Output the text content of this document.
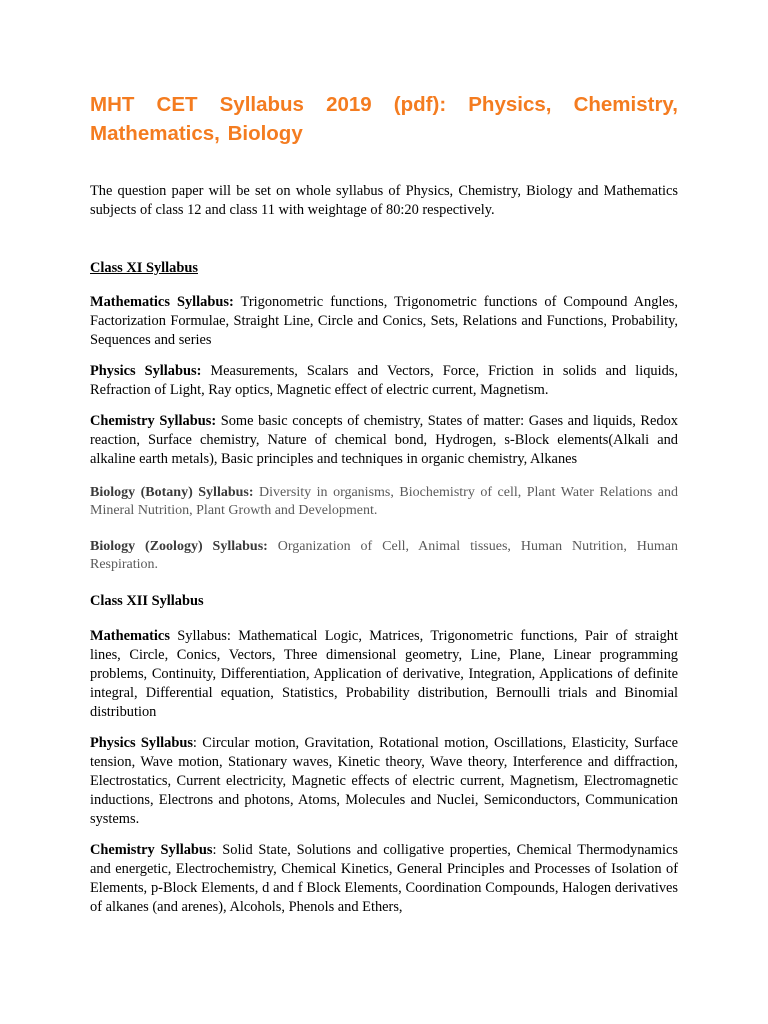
MHT CET Syllabus 2019 (pdf): Physics, Chemistry, Mathematics, Biology

The question paper will be set on whole syllabus of Physics, Chemistry, Biology and Mathematics subjects of class 12 and class 11 with weightage of 80:20 respectively.

Class XI Syllabus

Mathematics Syllabus: Trigonometric functions, Trigonometric functions of Compound Angles, Factorization Formulae, Straight Line, Circle and Conics, Sets, Relations and Functions, Probability, Sequences and series

Physics Syllabus: Measurements, Scalars and Vectors, Force, Friction in solids and liquids, Refraction of Light, Ray optics, Magnetic effect of electric current, Magnetism.

Chemistry Syllabus: Some basic concepts of chemistry, States of matter: Gases and liquids, Redox reaction, Surface chemistry, Nature of chemical bond, Hydrogen, s-Block elements(Alkali and alkaline earth metals), Basic principles and techniques in organic chemistry, Alkanes

Biology (Botany) Syllabus: Diversity in organisms, Biochemistry of cell, Plant Water Relations and Mineral Nutrition, Plant Growth and Development.

Biology (Zoology) Syllabus: Organization of Cell, Animal tissues, Human Nutrition, Human Respiration.

Class XII Syllabus

Mathematics Syllabus: Mathematical Logic, Matrices, Trigonometric functions, Pair of straight lines, Circle, Conics, Vectors, Three dimensional geometry, Line, Plane, Linear programming problems, Continuity, Differentiation, Application of derivative, Integration, Applications of definite integral, Differential equation, Statistics, Probability distribution, Bernoulli trials and Binomial distribution

Physics Syllabus: Circular motion, Gravitation, Rotational motion, Oscillations, Elasticity, Surface tension, Wave motion, Stationary waves, Kinetic theory, Wave theory, Interference and diffraction, Electrostatics, Current electricity, Magnetic effects of electric current, Magnetism, Electromagnetic inductions, Electrons and photons, Atoms, Molecules and Nuclei, Semiconductors, Communication systems.

Chemistry Syllabus: Solid State, Solutions and colligative properties, Chemical Thermodynamics and energetic, Electrochemistry, Chemical Kinetics, General Principles and Processes of Isolation of Elements, p-Block Elements, d and f Block Elements, Coordination Compounds, Halogen derivatives of alkanes (and arenes), Alcohols, Phenols and Ethers,
